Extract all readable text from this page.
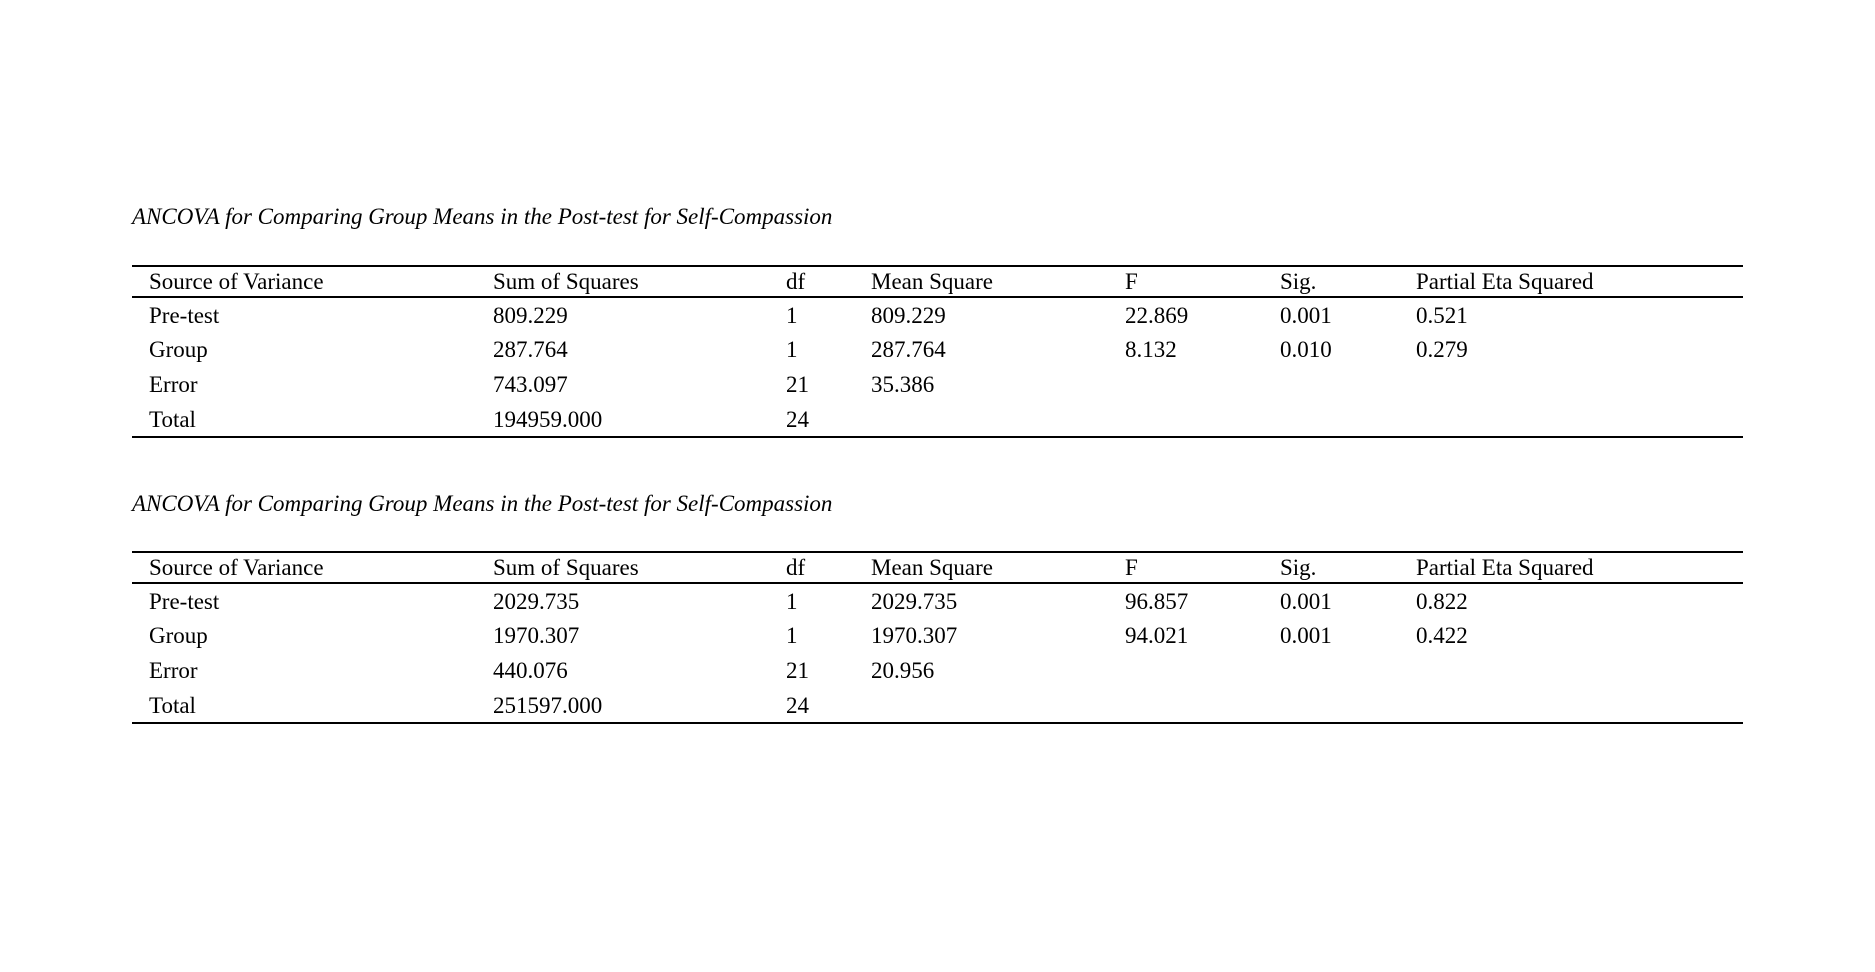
ANCOVA for Comparing Group Means in the Post-test for Self-Compassion

Source of Variance	Sum of Squares	df	Mean Square	F	Sig.	Partial Eta Squared
Pre-test	809.229	1	809.229	22.869	0.001	0.521
Group	287.764	1	287.764	8.132	0.010	0.279
Error	743.097	21	35.386			
Total	194959.000	24				

ANCOVA for Comparing Group Means in the Post-test for Self-Compassion

Source of Variance	Sum of Squares	df	Mean Square	F	Sig.	Partial Eta Squared
Pre-test	2029.735	1	2029.735	96.857	0.001	0.822
Group	1970.307	1	1970.307	94.021	0.001	0.422
Error	440.076	21	20.956			
Total	251597.000	24				
